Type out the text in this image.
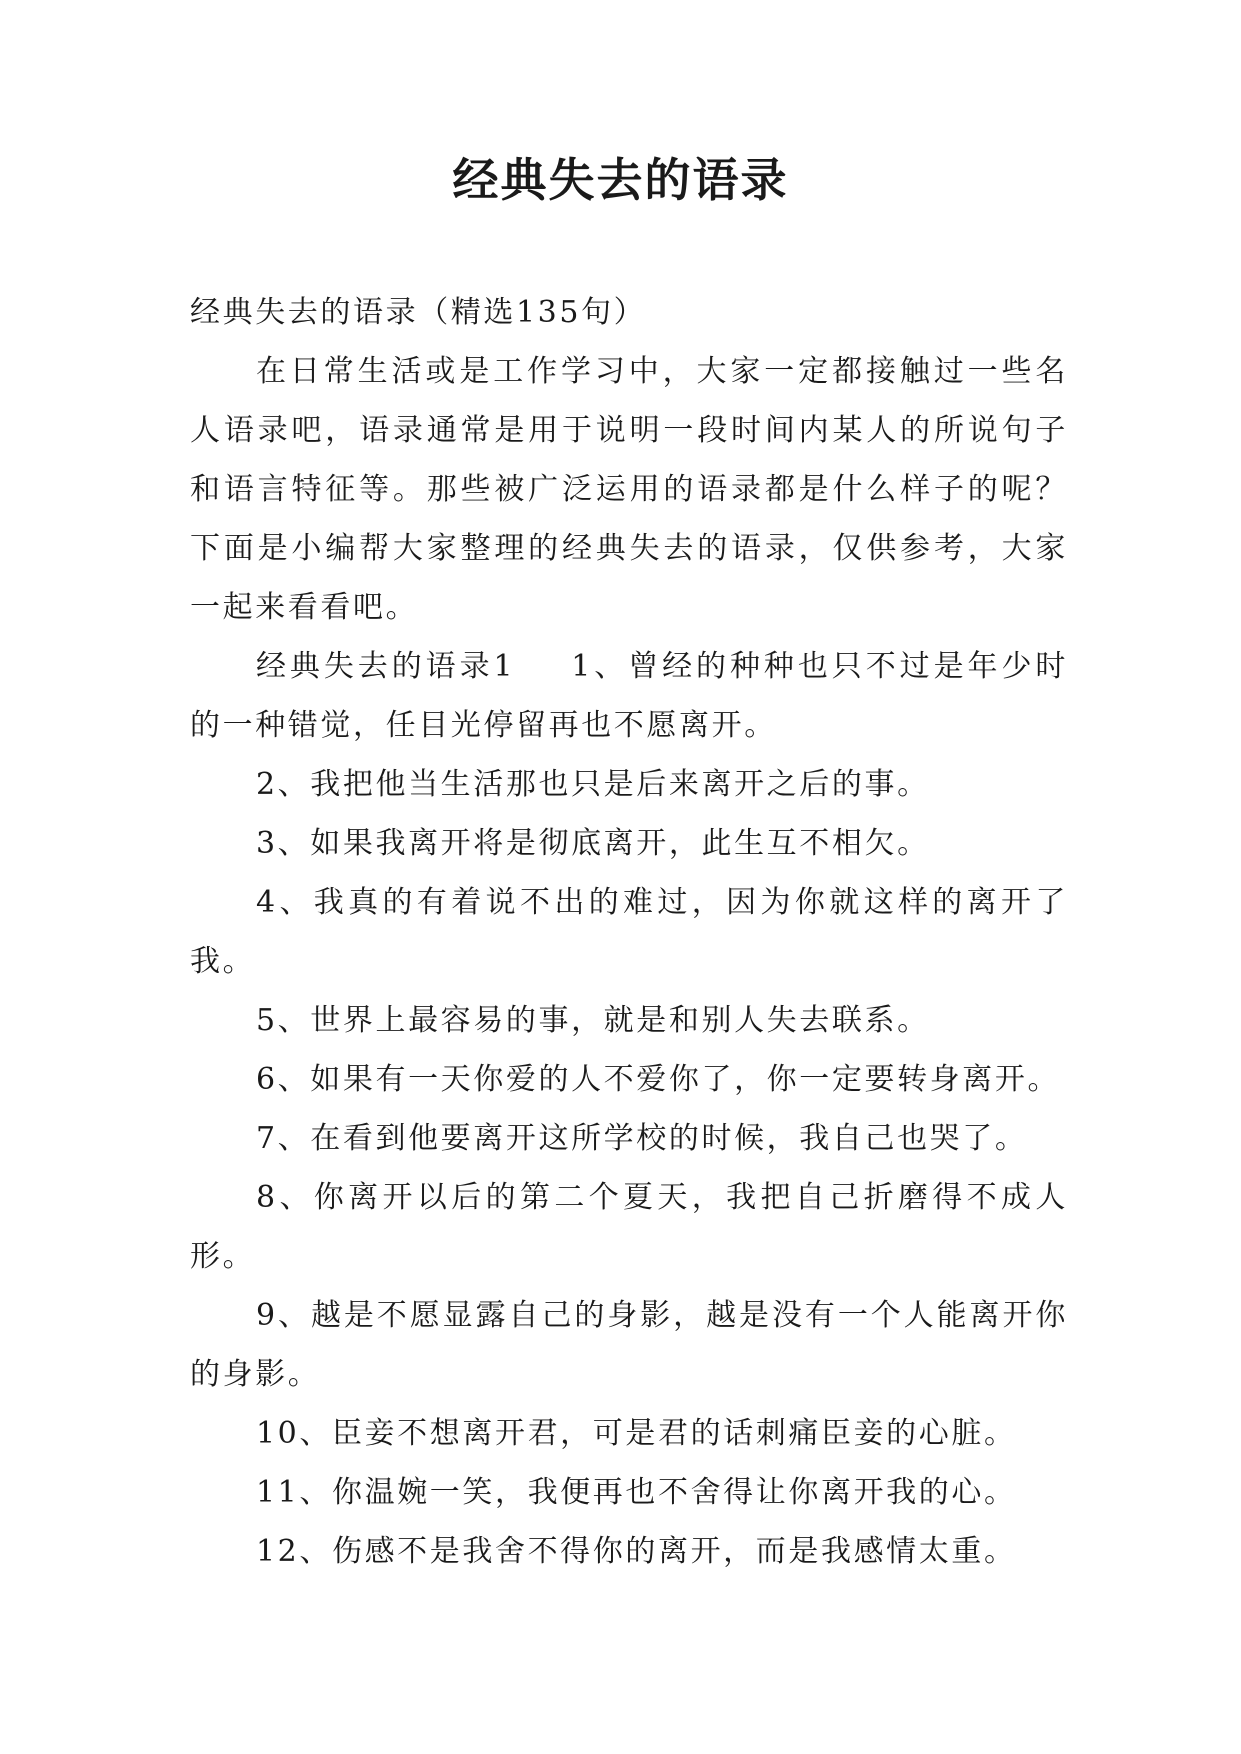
经典失去的语录

经典失去的语录（精选135句）

在日常生活或是工作学习中，大家一定都接触过一些名人语录吧，语录通常是用于说明一段时间内某人的所说句子和语言特征等。那些被广泛运用的语录都是什么样子的呢？下面是小编帮大家整理的经典失去的语录，仅供参考，大家一起来看看吧。

经典失去的语录1 1、曾经的种种也只不过是年少时的一种错觉，任目光停留再也不愿离开。

2、我把他当生活那也只是后来离开之后的事。

3、如果我离开将是彻底离开，此生互不相欠。

4、我真的有着说不出的难过，因为你就这样的离开了我。

5、世界上最容易的事，就是和别人失去联系。

6、如果有一天你爱的人不爱你了，你一定要转身离开。

7、在看到他要离开这所学校的时候，我自己也哭了。

8、你离开以后的第二个夏天，我把自己折磨得不成人形。

9、越是不愿显露自己的身影，越是没有一个人能离开你的身影。

10、臣妾不想离开君，可是君的话刺痛臣妾的心脏。

11、你温婉一笑，我便再也不舍得让你离开我的心。

12、伤感不是我舍不得你的离开，而是我感情太重。
